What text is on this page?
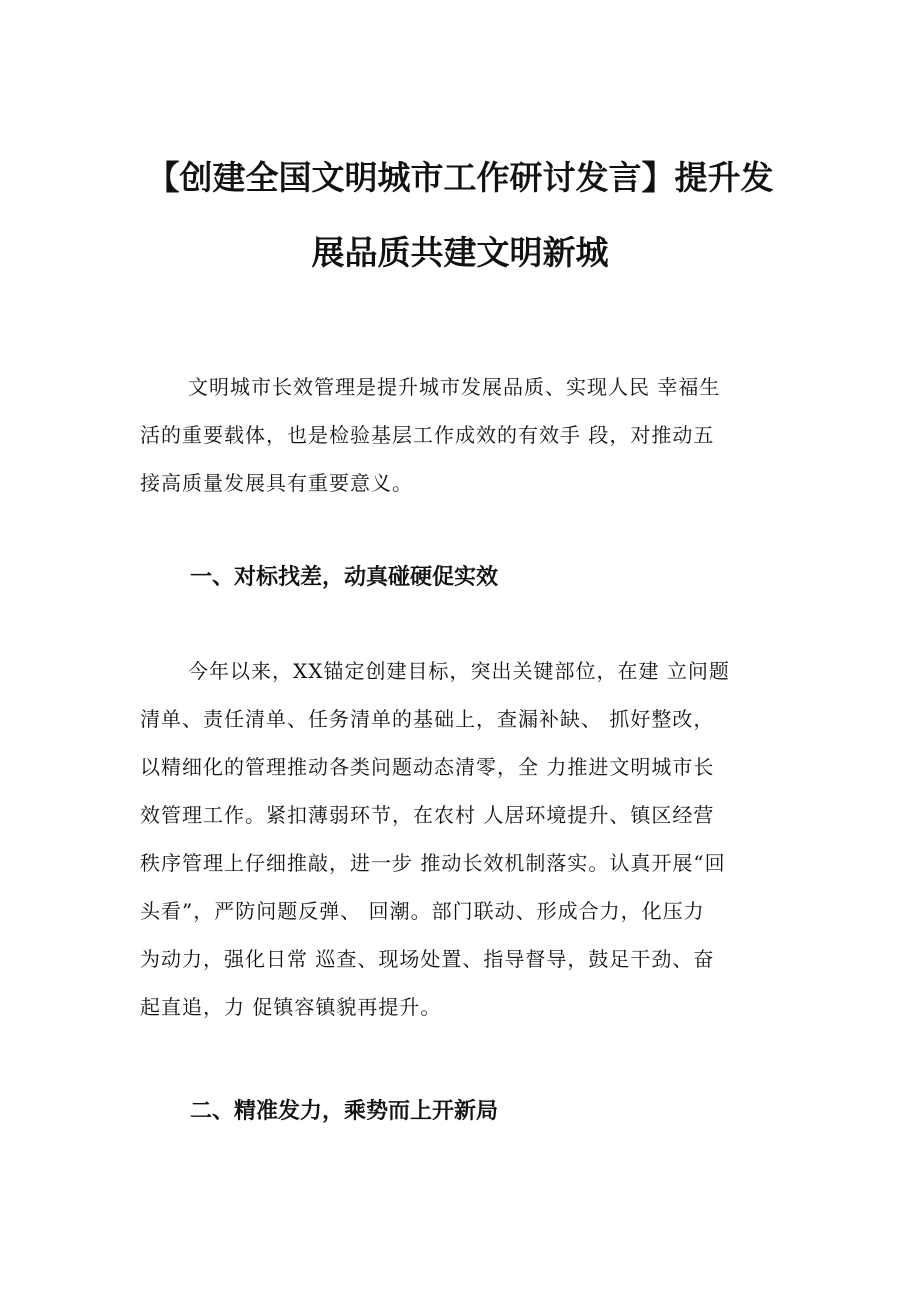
【创建全国文明城市工作研讨发言】提升发
展品质共建文明新城
文明城市长效管理是提升城市发展品质、实现人民 幸福生
活的重要载体，也是检验基层工作成效的有效手 段，对推动五
接高质量发展具有重要意义。
一、对标找差，动真碰硬促实效
今年以来，XX锚定创建目标，突出关键部位，在建 立问题
清单、责任清单、任务清单的基础上，查漏补缺、 抓好整改，
以精细化的管理推动各类问题动态清零，全 力推进文明城市长
效管理工作。紧扣薄弱环节，在农村 人居环境提升、镇区经营
秩序管理上仔细推敲，进一步 推动长效机制落实。认真开展“回
头看”，严防问题反弹、 回潮。部门联动、形成合力，化压力
为动力，强化日常 巡查、现场处置、指导督导，鼓足干劲、奋
起直追，力 促镇容镇貌再提升。
二、精准发力，乘势而上开新局
